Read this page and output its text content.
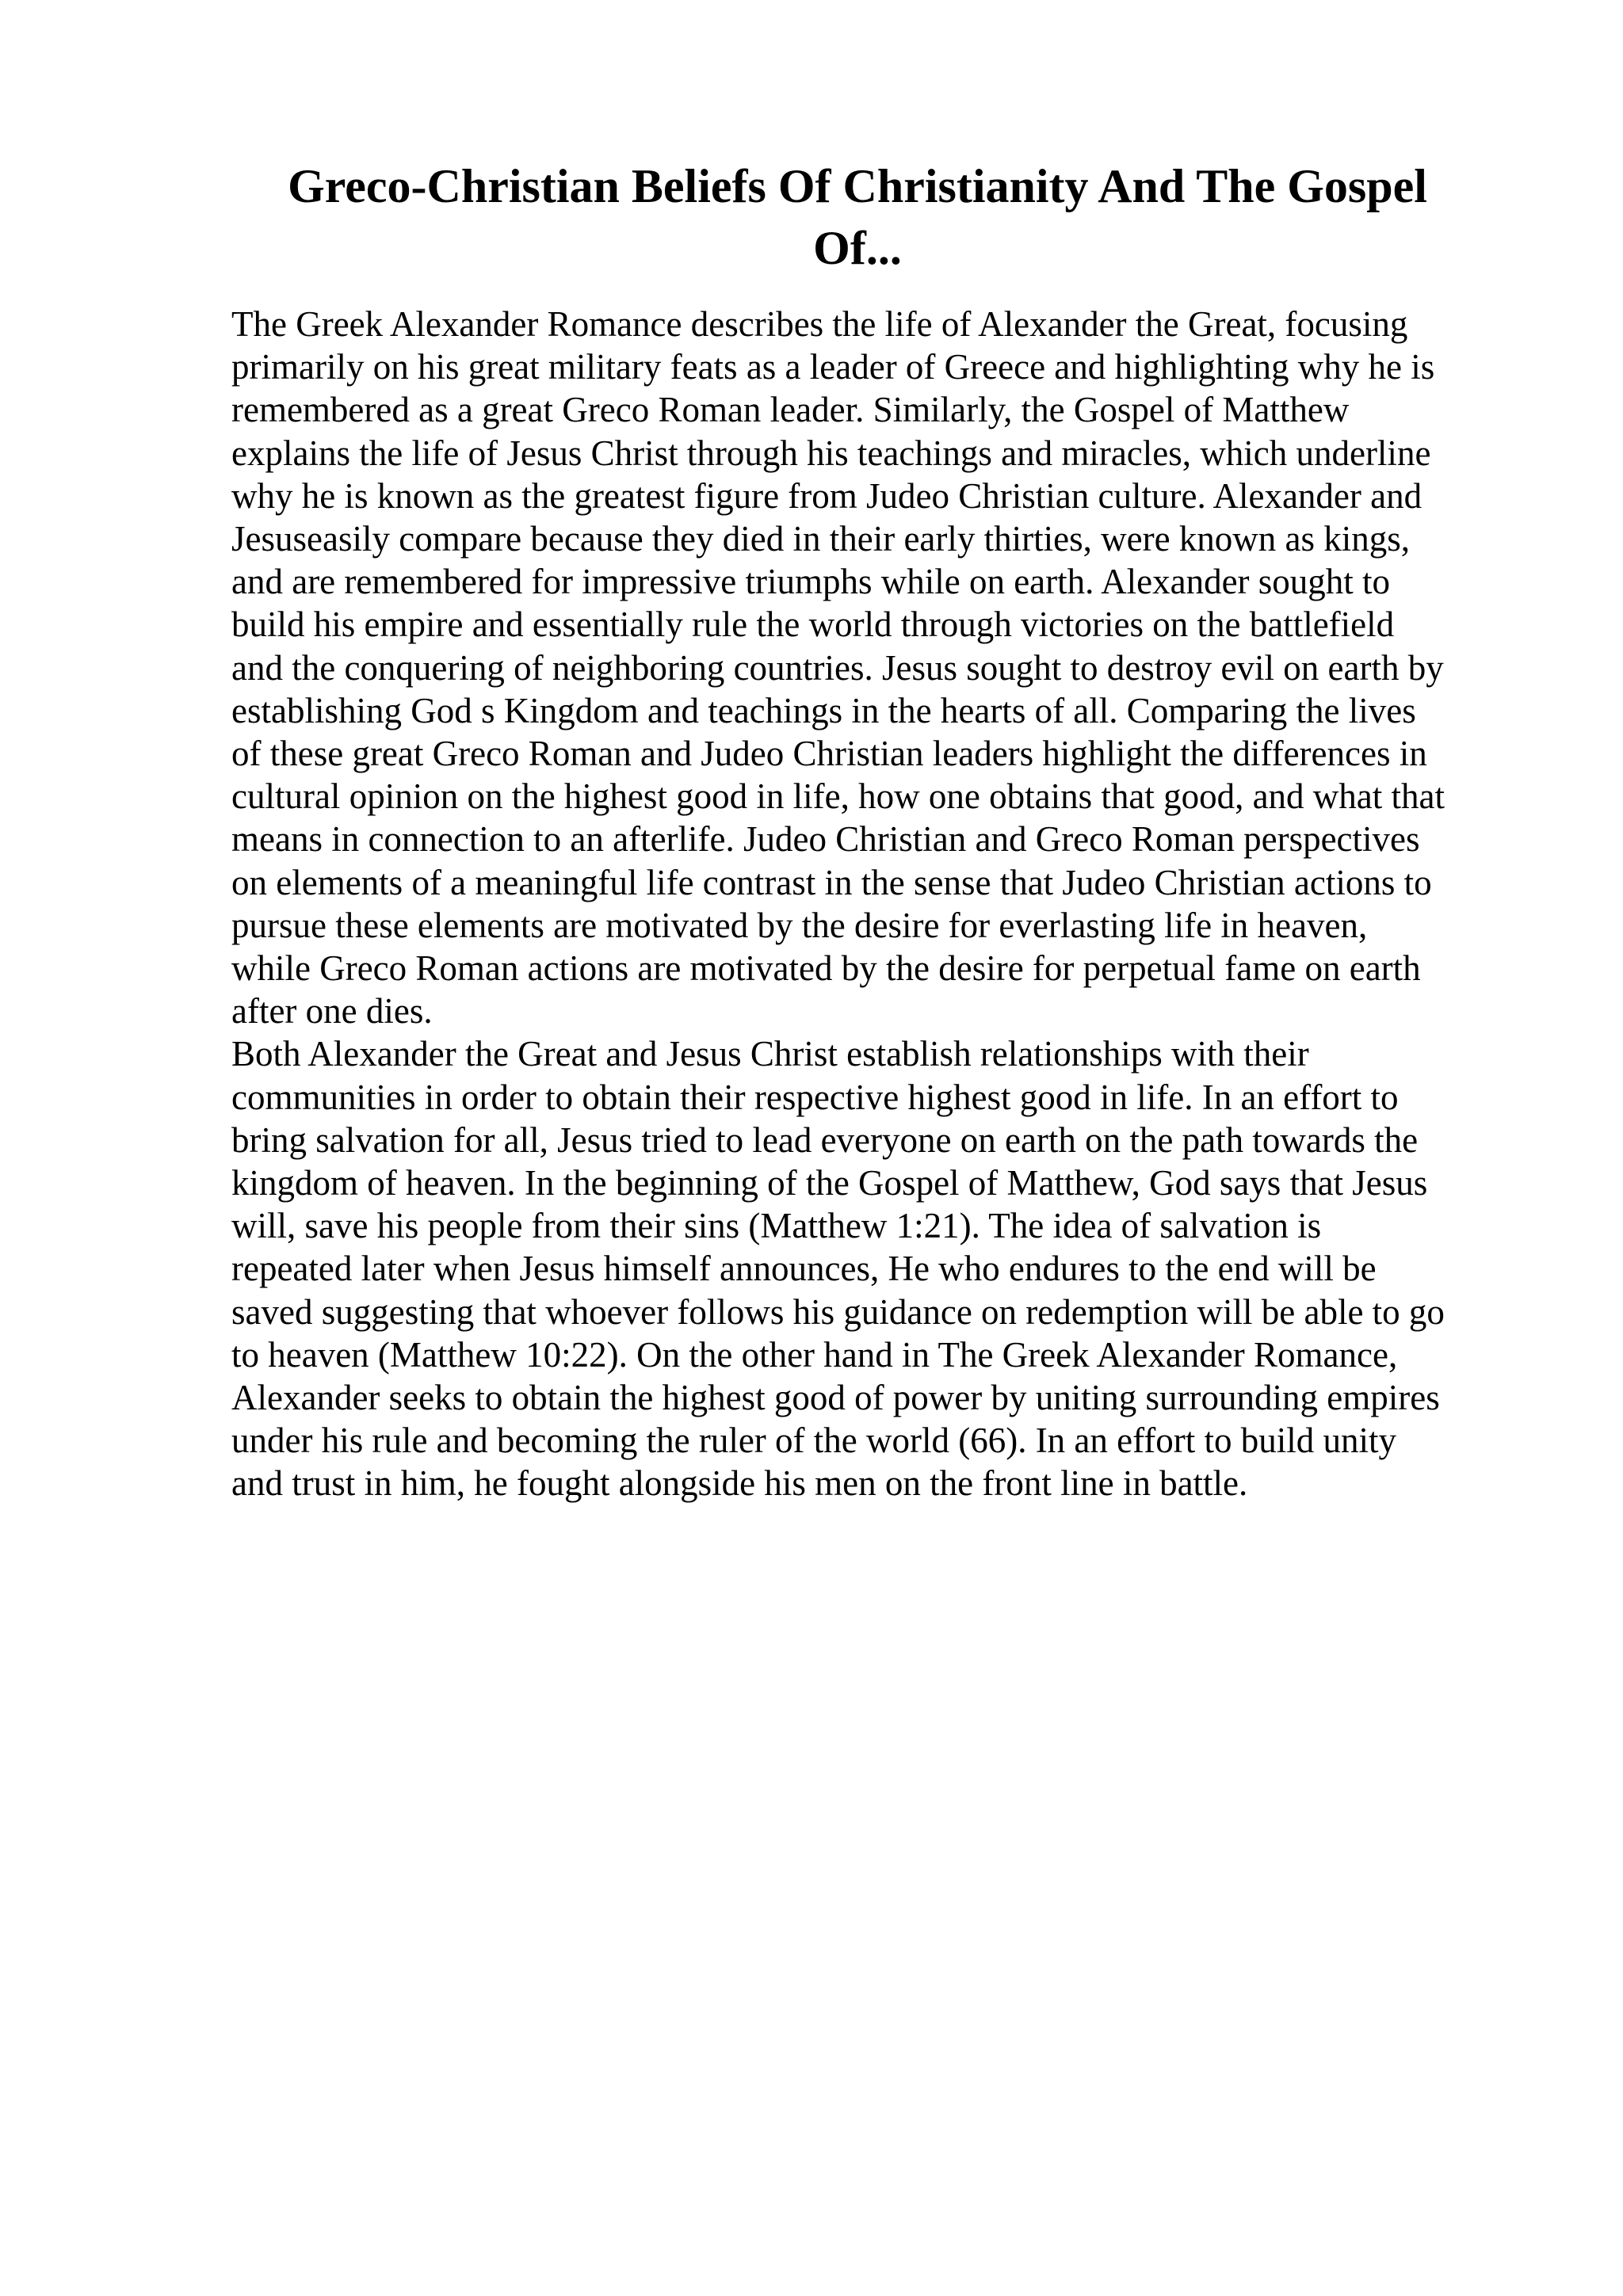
Greco-Christian Beliefs Of Christianity And The Gospel
Of...
The Greek Alexander Romance describes the life of Alexander the Great, focusing
primarily on his great military feats as a leader of Greece and highlighting why he is
remembered as a great Greco Roman leader. Similarly, the Gospel of Matthew
explains the life of Jesus Christ through his teachings and miracles, which underline
why he is known as the greatest figure from Judeo Christian culture. Alexander and
Jesuseasily compare because they died in their early thirties, were known as kings,
and are remembered for impressive triumphs while on earth. Alexander sought to
build his empire and essentially rule the world through victories on the battlefield
and the conquering of neighboring countries. Jesus sought to destroy evil on earth by
establishing God s Kingdom and teachings in the hearts of all. Comparing the lives
of these great Greco Roman and Judeo Christian leaders highlight the differences in
cultural opinion on the highest good in life, how one obtains that good, and what that
means in connection to an afterlife. Judeo Christian and Greco Roman perspectives
on elements of a meaningful life contrast in the sense that Judeo Christian actions to
pursue these elements are motivated by the desire for everlasting life in heaven,
while Greco Roman actions are motivated by the desire for perpetual fame on earth
after one dies.
Both Alexander the Great and Jesus Christ establish relationships with their
communities in order to obtain their respective highest good in life. In an effort to
bring salvation for all, Jesus tried to lead everyone on earth on the path towards the
kingdom of heaven. In the beginning of the Gospel of Matthew, God says that Jesus
will, save his people from their sins (Matthew 1:21). The idea of salvation is
repeated later when Jesus himself announces, He who endures to the end will be
saved suggesting that whoever follows his guidance on redemption will be able to go
to heaven (Matthew 10:22). On the other hand in The Greek Alexander Romance,
Alexander seeks to obtain the highest good of power by uniting surrounding empires
under his rule and becoming the ruler of the world (66). In an effort to build unity
and trust in him, he fought alongside his men on the front line in battle.
